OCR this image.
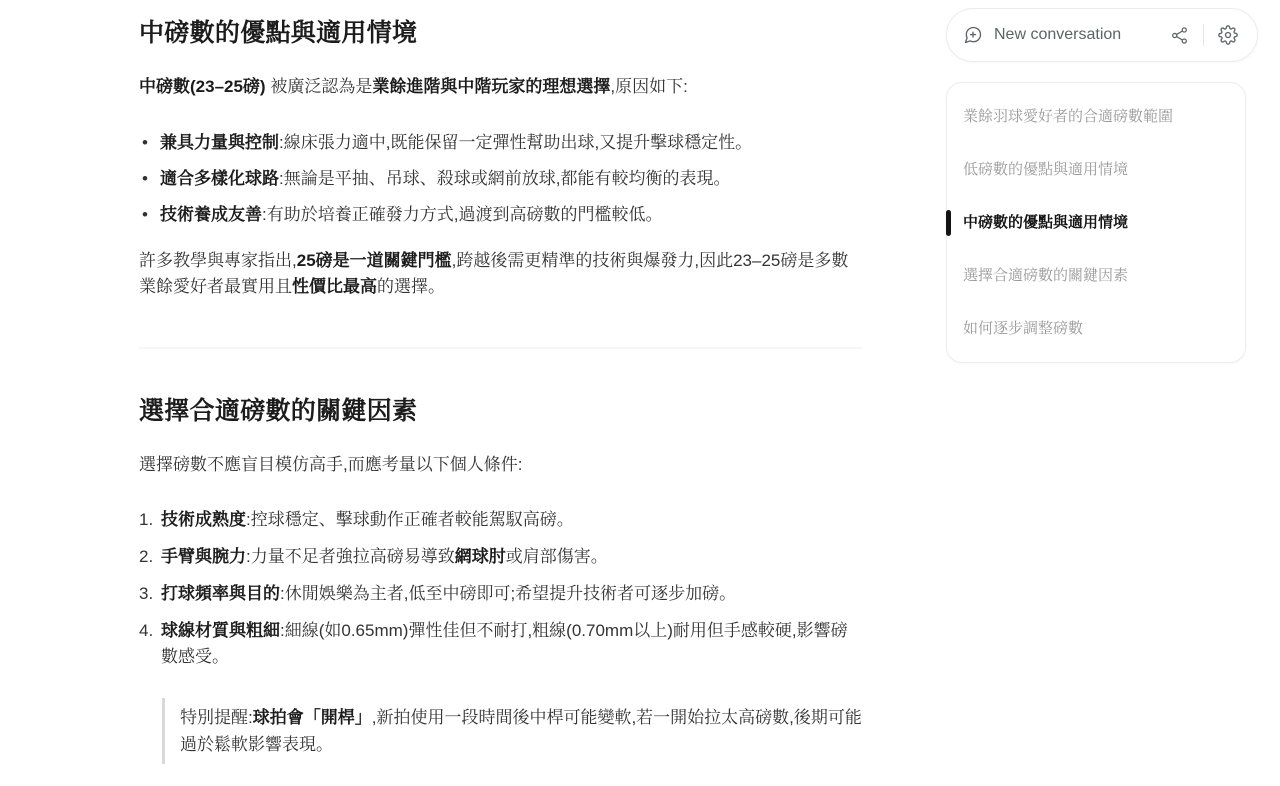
中磅數的優點與適用情境

中磅數(23–25磅) 被廣泛認為是業餘進階與中階玩家的理想選擇,原因如下:

• 兼具力量與控制:線床張力適中,既能保留一定彈性幫助出球,又提升擊球穩定性。
• 適合多樣化球路:無論是平抽、吊球、殺球或網前放球,都能有較均衡的表現。
• 技術養成友善:有助於培養正確發力方式,過渡到高磅數的門檻較低。

許多教學與專家指出,25磅是一道關鍵門檻,跨越後需更精準的技術與爆發力,因此23–25磅是多數業餘愛好者最實用且性價比最高的選擇。

選擇合適磅數的關鍵因素

選擇磅數不應盲目模仿高手,而應考量以下個人條件:

1. 技術成熟度:控球穩定、擊球動作正確者較能駕馭高磅。
2. 手臂與腕力:力量不足者強拉高磅易導致網球肘或肩部傷害。
3. 打球頻率與目的:休閒娛樂為主者,低至中磅即可;希望提升技術者可逐步加磅。
4. 球線材質與粗細:細線(如0.65mm)彈性佳但不耐打,粗線(0.70mm以上)耐用但手感較硬,影響磅數感受。

特別提醒:球拍會「開桿」,新拍使用一段時間後中桿可能變軟,若一開始拉太高磅數,後期可能過於鬆軟影響表現。

New conversation
業餘羽球愛好者的合適磅數範圍
低磅數的優點與適用情境
中磅數的優點與適用情境
選擇合適磅數的關鍵因素
如何逐步調整磅數
